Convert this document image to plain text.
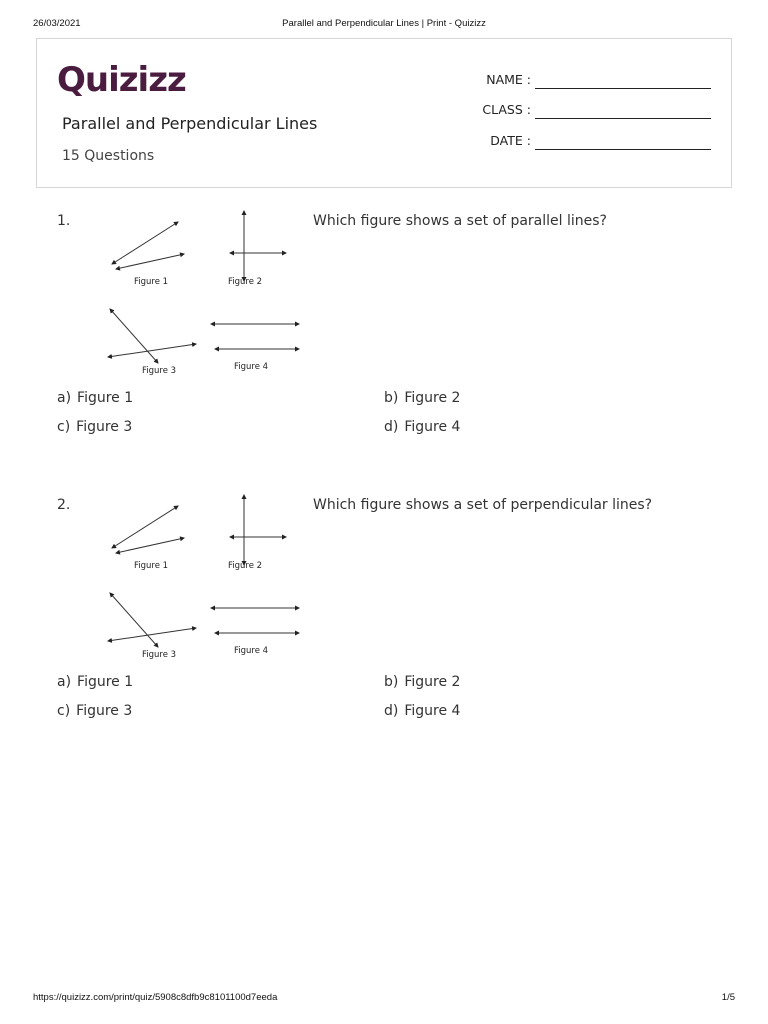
26/03/2021	Parallel and Perpendicular Lines | Print - Quizizz
Quizizz
Parallel and Perpendicular Lines
15 Questions
NAME :
CLASS :
DATE :
1.
Figure 1	Figure 2
Figure 3	Figure 4
Which figure shows a set of parallel lines?
a) Figure 1	b) Figure 2
c) Figure 3	d) Figure 4
2.
Figure 1	Figure 2
Figure 3	Figure 4
Which figure shows a set of perpendicular lines?
a) Figure 1	b) Figure 2
c) Figure 3	d) Figure 4
https://quizizz.com/print/quiz/5908c8dfb9c8101100d7eeda	1/5
